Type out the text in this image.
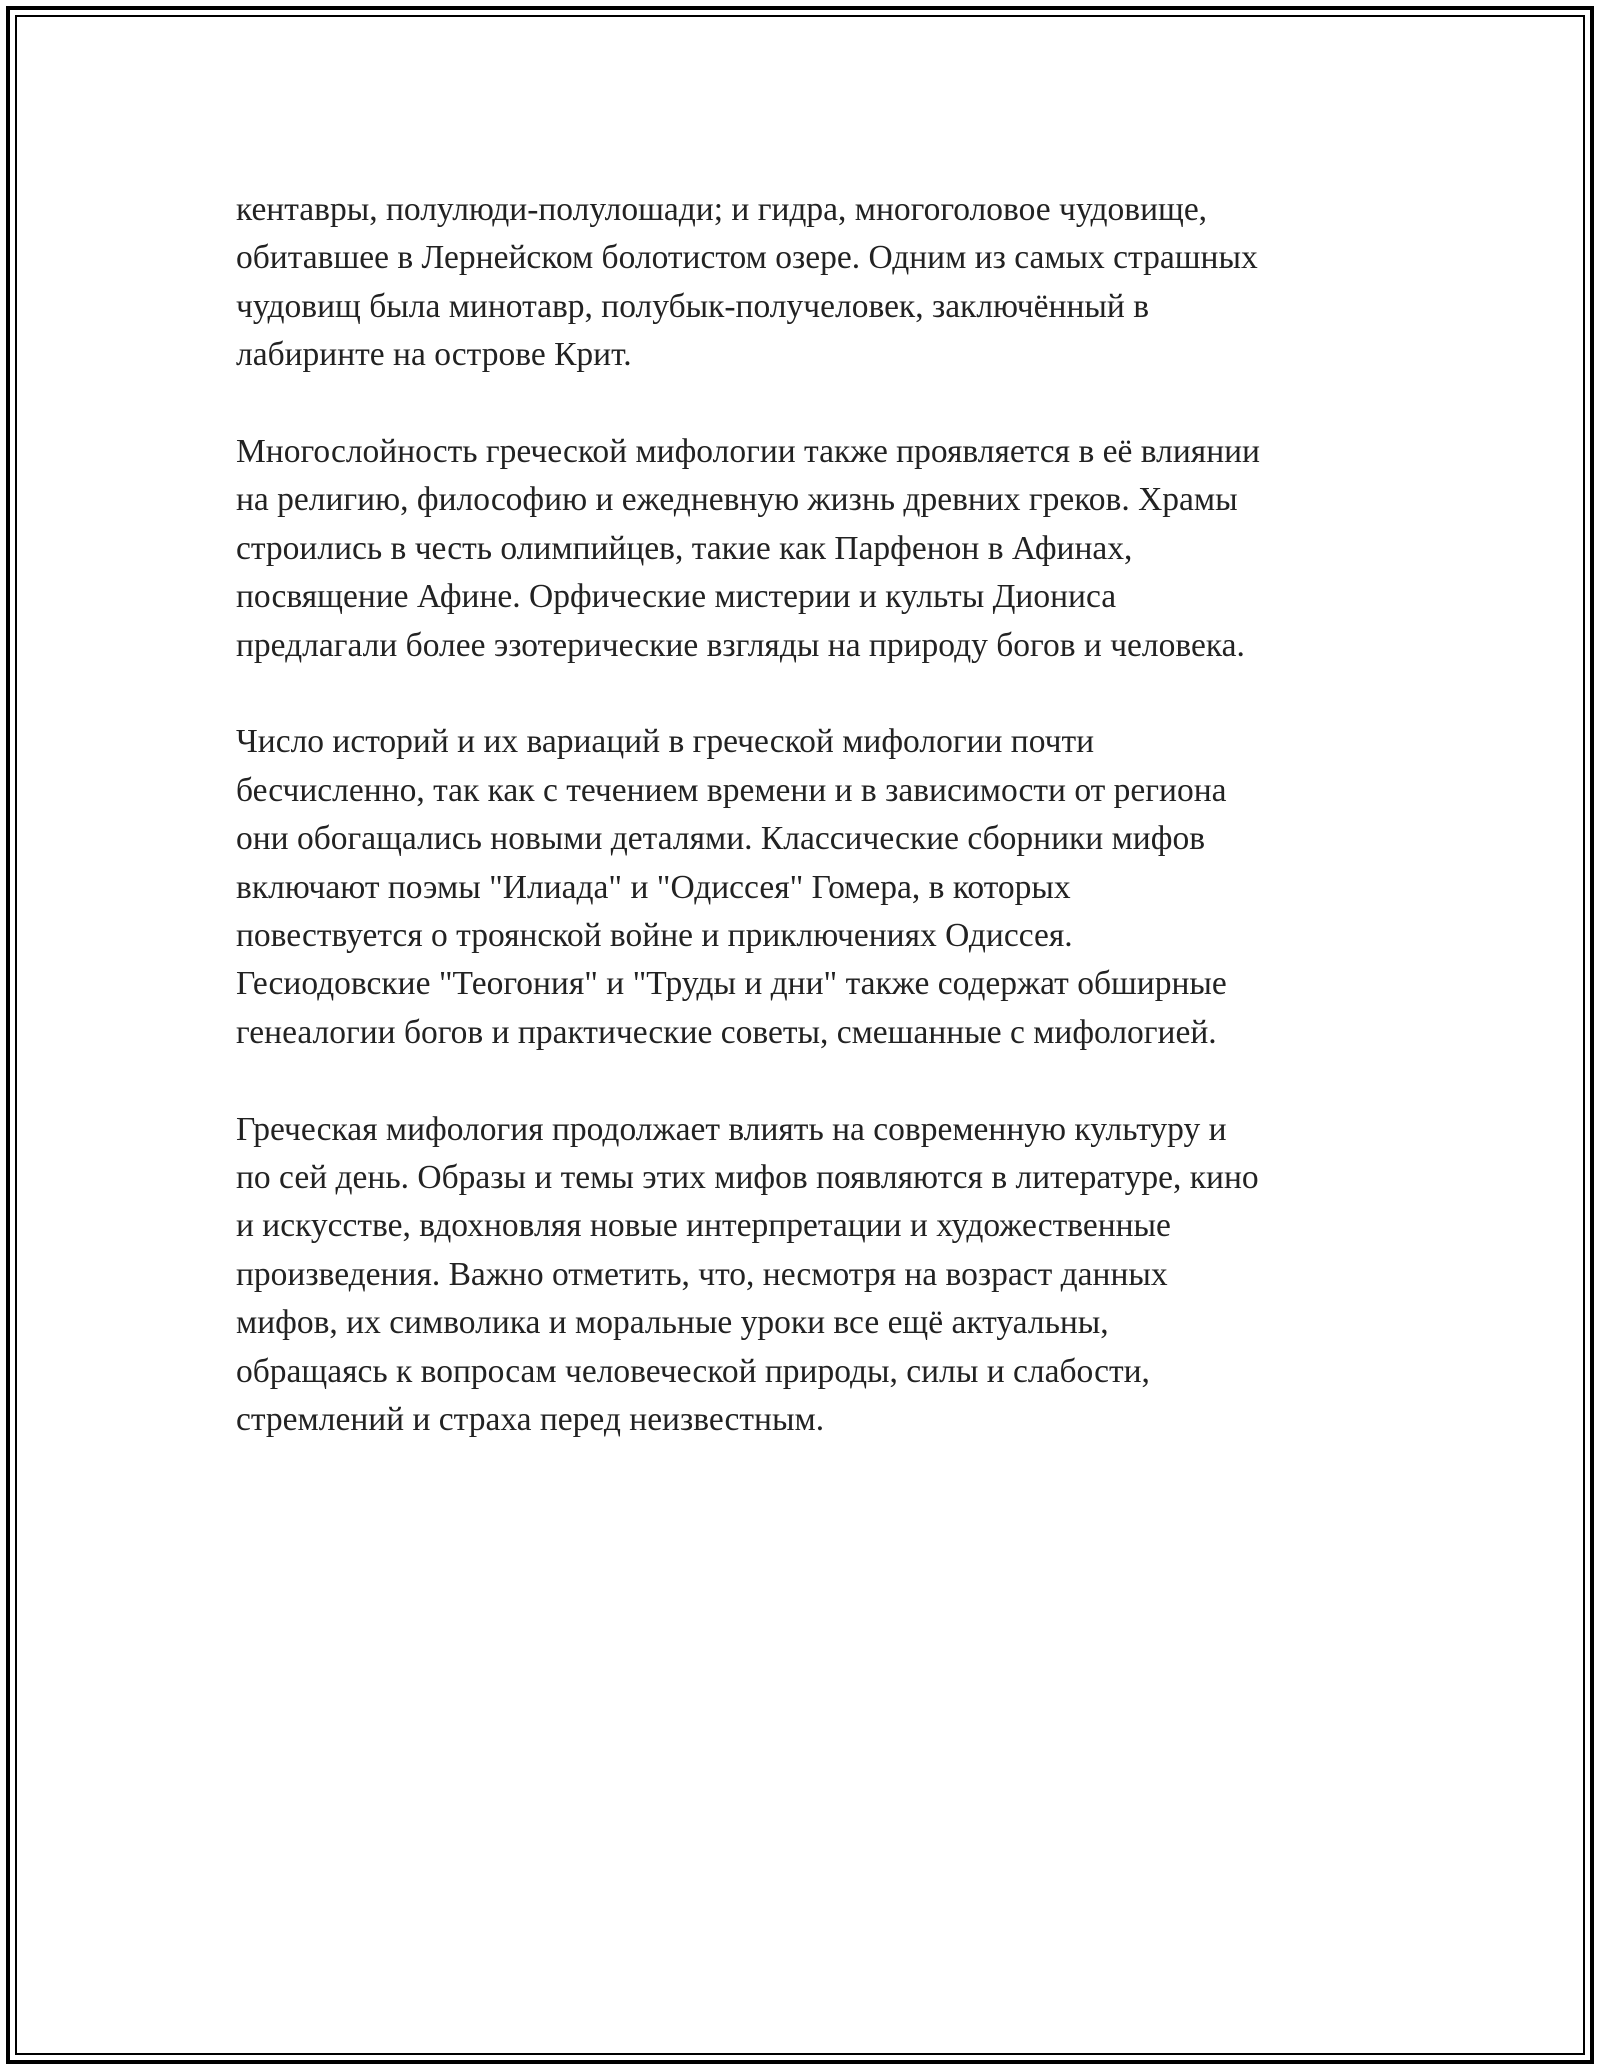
кентавры, полулюди-полулошади; и гидра, многоголовое чудовище,
обитавшее в Лернейском болотистом озере. Одним из самых страшных
чудовищ была минотавр, полубык-получеловек, заключённый в
лабиринте на острове Крит.

Многослойность греческой мифологии также проявляется в её влиянии
на религию, философию и ежедневную жизнь древних греков. Храмы
строились в честь олимпийцев, такие как Парфенон в Афинах,
посвящение Афине. Орфические мистерии и культы Диониса
предлагали более эзотерические взгляды на природу богов и человека.

Число историй и их вариаций в греческой мифологии почти
бесчисленно, так как с течением времени и в зависимости от региона
они обогащались новыми деталями. Классические сборники мифов
включают поэмы "Илиада" и "Одиссея" Гомера, в которых
повествуется о троянской войне и приключениях Одиссея.
Гесиодовские "Теогония" и "Труды и дни" также содержат обширные
генеалогии богов и практические советы, смешанные с мифологией.

Греческая мифология продолжает влиять на современную культуру и
по сей день. Образы и темы этих мифов появляются в литературе, кино
и искусстве, вдохновляя новые интерпретации и художественные
произведения. Важно отметить, что, несмотря на возраст данных
мифов, их символика и моральные уроки все ещё актуальны,
обращаясь к вопросам человеческой природы, силы и слабости,
стремлений и страха перед неизвестным.
